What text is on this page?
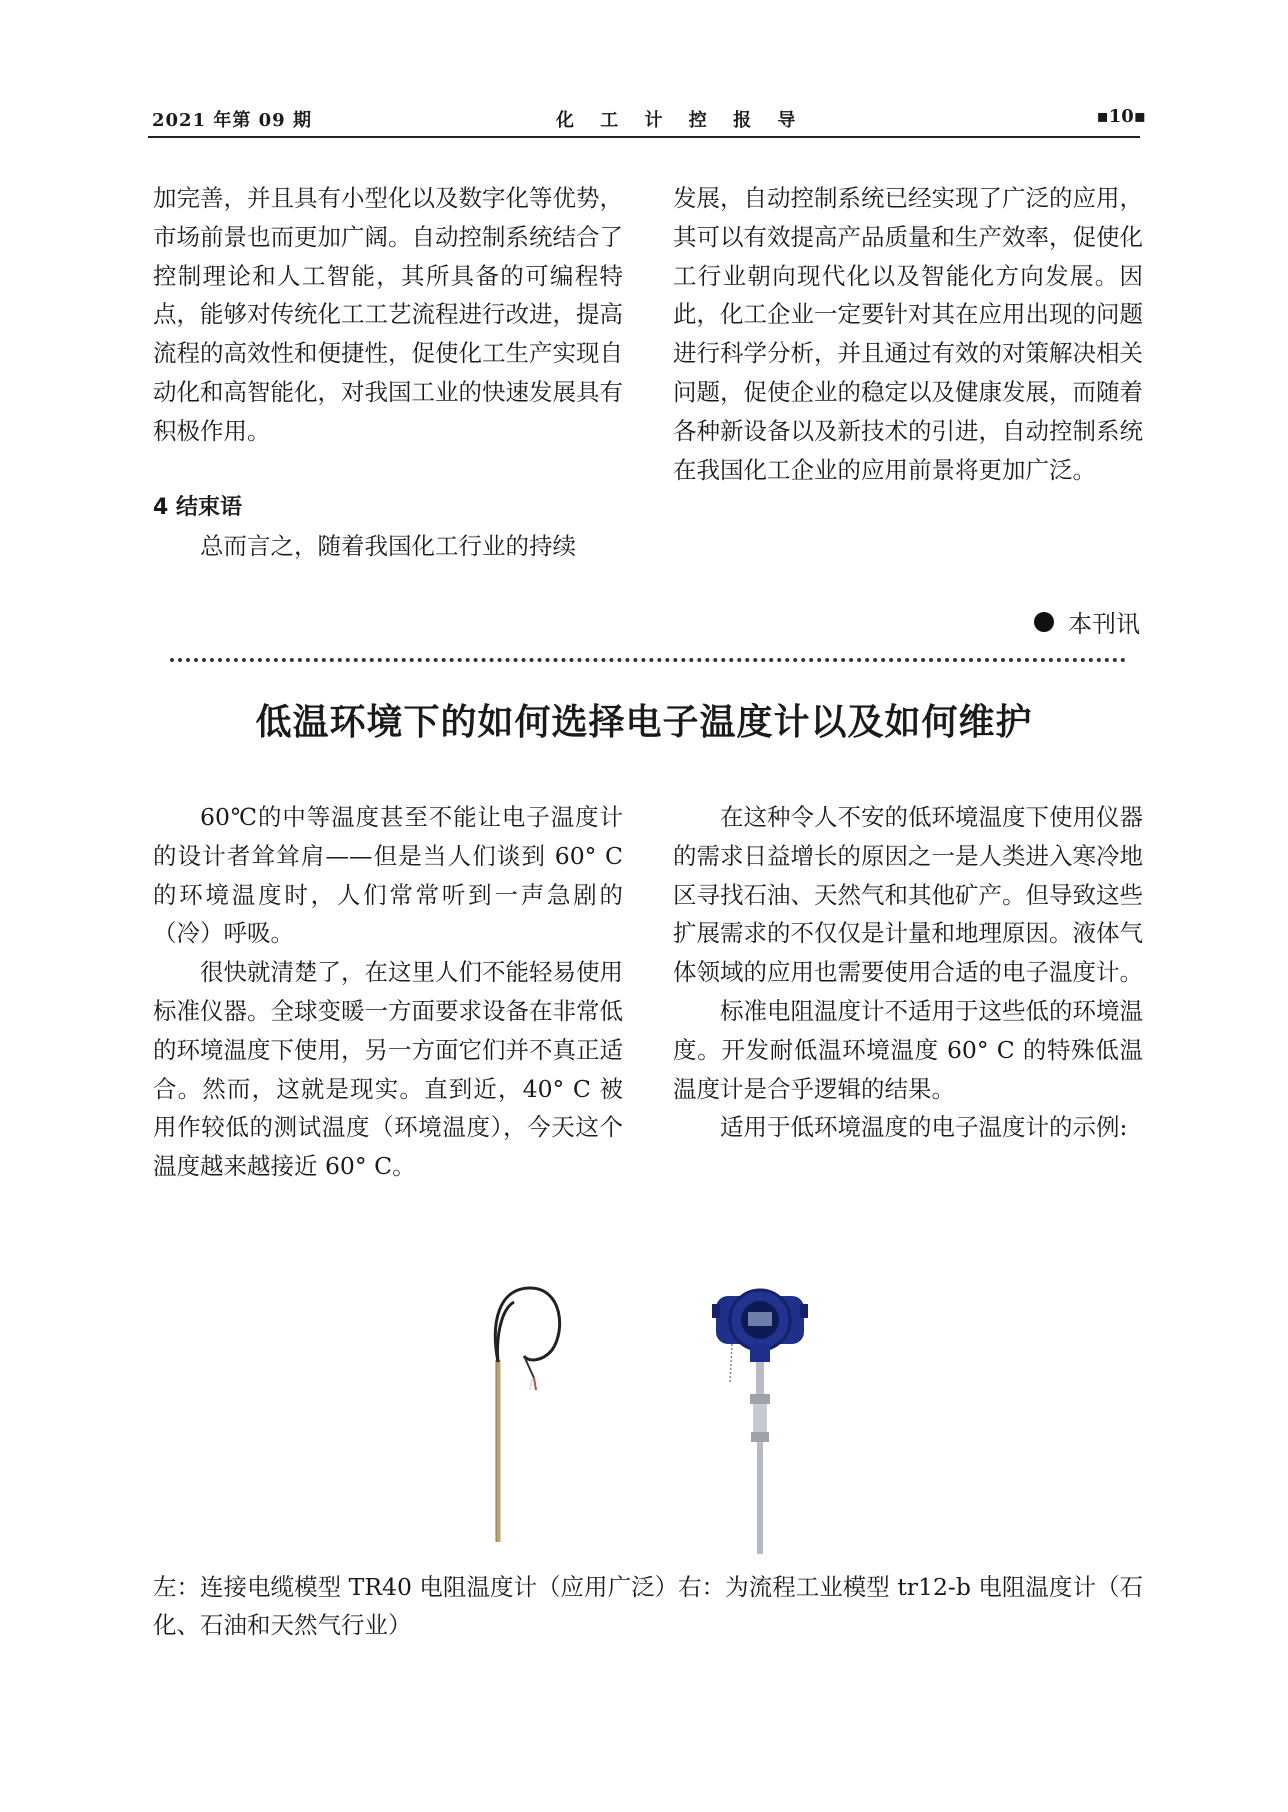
2021 年第 09 期	化 工 计 控 报 导	▪10▪

加完善，并且具有小型化以及数字化等优势，市场前景也而更加广阔。自动控制系统结合了控制理论和人工智能，其所具备的可编程特点，能够对传统化工工艺流程进行改进，提高流程的高效性和便捷性，促使化工生产实现自动化和高智能化，对我国工业的快速发展具有积极作用。

4 结束语

总而言之，随着我国化工行业的持续

发展，自动控制系统已经实现了广泛的应用，其可以有效提高产品质量和生产效率，促使化工行业朝向现代化以及智能化方向发展。因此，化工企业一定要针对其在应用出现的问题进行科学分析，并且通过有效的对策解决相关问题，促使企业的稳定以及健康发展，而随着各种新设备以及新技术的引进，自动控制系统在我国化工企业的应用前景将更加广泛。

本刊讯
低温环境下的如何选择电子温度计以及如何维护

60℃的中等温度甚至不能让电子温度计的设计者耸耸肩——但是当人们谈到 60° C 的环境温度时，人们常常听到一声急剧的（冷）呼吸。

很快就清楚了，在这里人们不能轻易使用标准仪器。全球变暖一方面要求设备在非常低的环境温度下使用，另一方面它们并不真正适合。然而，这就是现实。直到近，40° C 被用作较低的测试温度（环境温度），今天这个温度越来越接近 60° C。

在这种令人不安的低环境温度下使用仪器的需求日益增长的原因之一是人类进入寒冷地区寻找石油、天然气和其他矿产。但导致这些扩展需求的不仅仅是计量和地理原因。液体气体领域的应用也需要使用合适的电子温度计。

标准电阻温度计不适用于这些低的环境温度。开发耐低温环境温度 60° C 的特殊低温温度计是合乎逻辑的结果。

适用于低环境温度的电子温度计的示例:

左：连接电缆模型 TR40 电阻温度计（应用广泛）右：为流程工业模型 tr12-b 电阻温度计（石化、石油和天然气行业）
